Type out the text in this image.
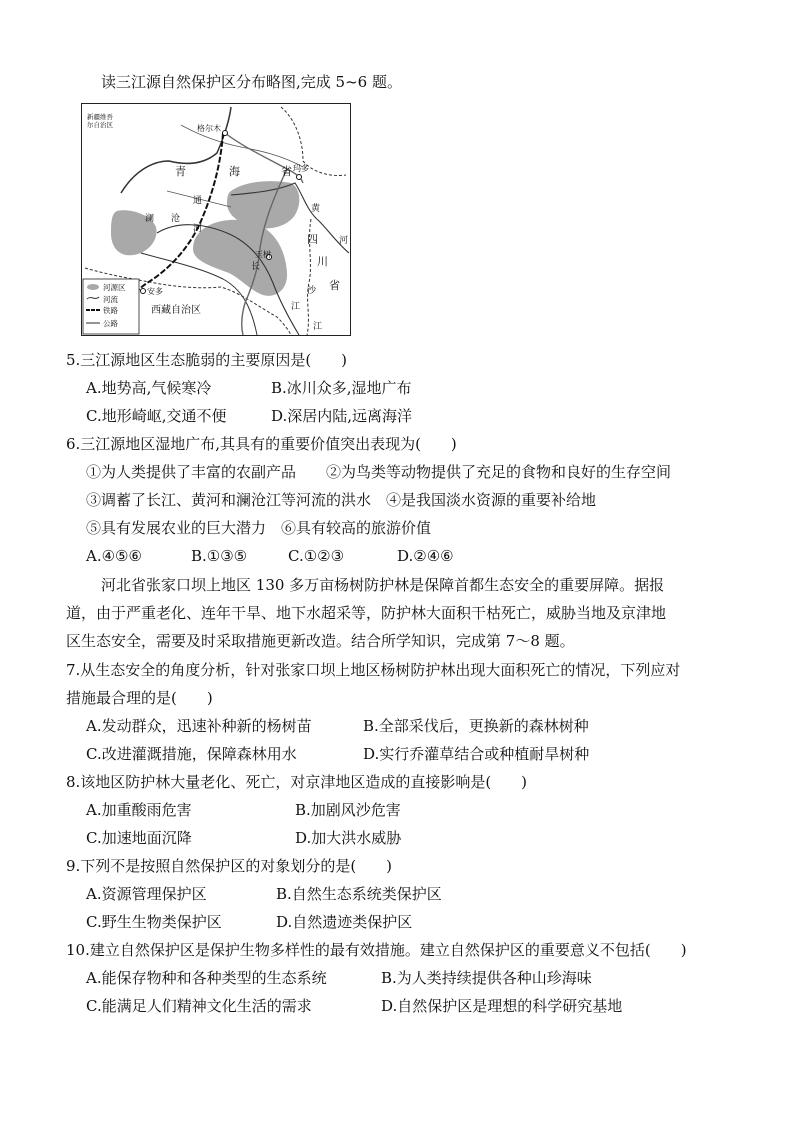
读三江源自然保护区分布略图,完成 5~6 题。
新疆维吾
尔自治区	格尔木
青	海	省 玛多
玉树
安多
西藏自治区
四
川
省
澜 沧
通
河
黄
河
长
沙
江
江
河源区
河流
铁路
公路
5.三江源地区生态脆弱的主要原因是(　　)
A.地势高,气候寒冷	B.冰川众多,湿地广布
C.地形崎岖,交通不便	D.深居内陆,远离海洋
6.三江源地区湿地广布,其具有的重要价值突出表现为(　　)
①为人类提供了丰富的农副产品　　②为鸟类等动物提供了充足的食物和良好的生存空间
③调蓄了长江、黄河和澜沧江等河流的洪水　④是我国淡水资源的重要补给地
⑤具有发展农业的巨大潜力　⑥具有较高的旅游价值
A.④⑤⑥	B.①③⑤	C.①②③	D.②④⑥
河北省张家口坝上地区 130 多万亩杨树防护林是保障首都生态安全的重要屏障。据报
道，由于严重老化、连年干旱、地下水超采等，防护林大面积干枯死亡，威胁当地及京津地
区生态安全，需要及时采取措施更新改造。结合所学知识，完成第 7～8 题。
7.从生态安全的角度分析，针对张家口坝上地区杨树防护林出现大面积死亡的情况，下列应对
措施最合理的是(　　)
A.发动群众，迅速补种新的杨树苗	B.全部采伐后，更换新的森林树种
C.改进灌溉措施，保障森林用水	D.实行乔灌草结合或种植耐旱树种
8.该地区防护林大量老化、死亡，对京津地区造成的直接影响是(　　)
A.加重酸雨危害	B.加剧风沙危害
C.加速地面沉降	D.加大洪水威胁
9.下列不是按照自然保护区的对象划分的是(　　)
A.资源管理保护区	B.自然生态系统类保护区
C.野生生物类保护区	D.自然遗迹类保护区
10.建立自然保护区是保护生物多样性的最有效措施。建立自然保护区的重要意义不包括(　　)
A.能保存物种和各种类型的生态系统	B.为人类持续提供各种山珍海味
C.能满足人们精神文化生活的需求	D.自然保护区是理想的科学研究基地
